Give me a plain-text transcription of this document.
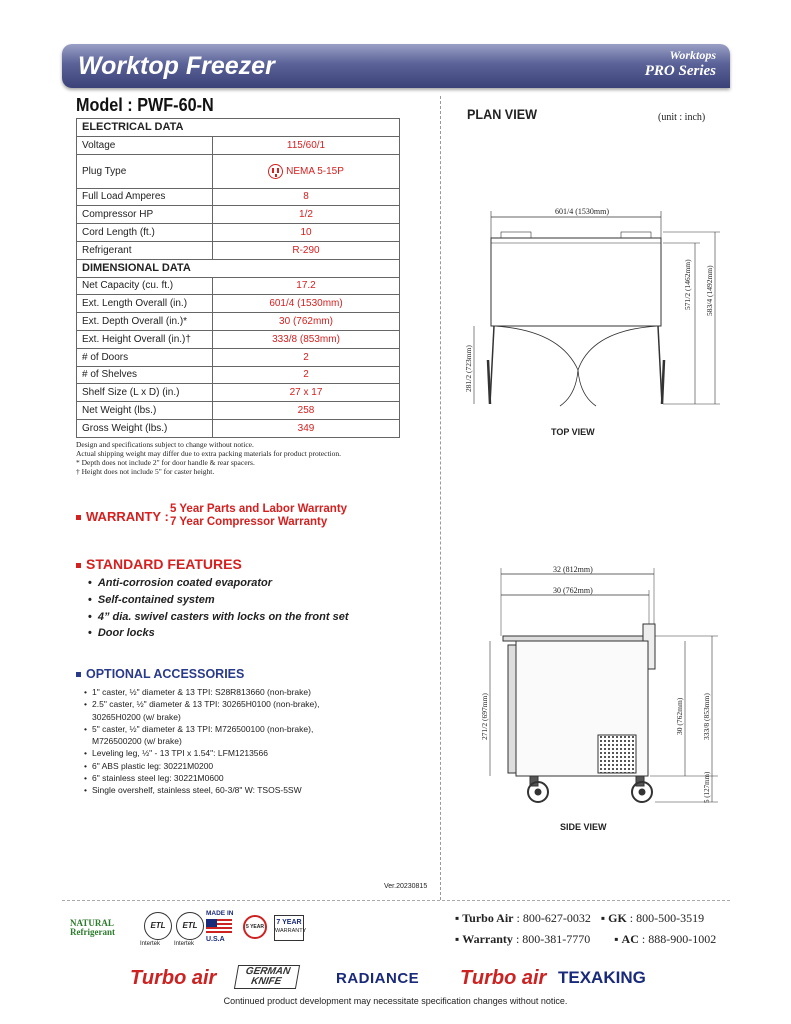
Worktop Freezer	Worktops
PRO Series
Model : PWF-60-N
ELECTRICAL DATA	
Voltage	115/60/1
Plug Type	NEMA 5-15P
Full Load Amperes	8
Compressor HP	1/2
Cord Length (ft.)	10
Refrigerant	R-290
DIMENSIONAL DATA	
Net Capacity (cu. ft.)	17.2
Ext. Length Overall (in.)	601/4 (1530mm)
Ext. Depth Overall (in.)*	30 (762mm)
Ext. Height Overall (in.)†	333/8 (853mm)
# of Doors	2
# of Shelves	2
Shelf Size (L x D) (in.)	27 x 17
Net Weight (lbs.)	258
Gross Weight (lbs.)	349
Design and specifications subject to change without notice.
Actual shipping weight may differ due to extra packing materials for product protection.
* Depth does not include 2" for door handle & rear spacers.
† Height does not include 5" for caster height.
WARRANTY : 5 Year Parts and Labor Warranty
7 Year Compressor Warranty
STANDARD FEATURES
• Anti-corrosion coated evaporator
• Self-contained system
• 4” dia. swivel casters with locks on the front set
• Door locks
OPTIONAL ACCESSORIES
• 1" caster, ½" diameter & 13 TPI: S28R813660 (non-brake)
• 2.5" caster, ½" diameter & 13 TPI: 30265H0100 (non-brake), 30265H0200 (w/ brake)
• 5" caster, ½" diameter & 13 TPI: M726500100 (non-brake), M726500200 (w/ brake)
• Leveling leg, ½" - 13 TPI x 1.54": LFM1213566
• 6" ABS plastic leg: 30221M0200
• 6" stainless steel leg: 30221M0600
• Single overshelf, stainless steel, 60-3/8" W: TSOS-5SW
Ver.20230815
PLAN VIEW	(unit : inch)
601/4 (1530mm)
571/2 (1462mm) 583/4 (1492mm)
281/2 (723mm)
32 (812mm)
30 (762mm)
271/2 (697mm)	30 (762mm) 333/8 (853mm)
5 (127mm)
TOP VIEW
SIDE VIEW
NATURAL
Refrigerant
ETL
Intertek
ETL
Intertek
MADE IN
U.S.A
5 YEAR
7 YEAR
WARRANTY
▪ Turbo Air : 800-627-0032 ▪ GK : 800-500-3519
▪ Warranty : 800-381-7770 ▪ AC : 888-900-1002
Turbo air	GERMAN KNIFE	RADIANCE Turbo air TEXAKING
Continued product development may necessitate specification changes without notice.
